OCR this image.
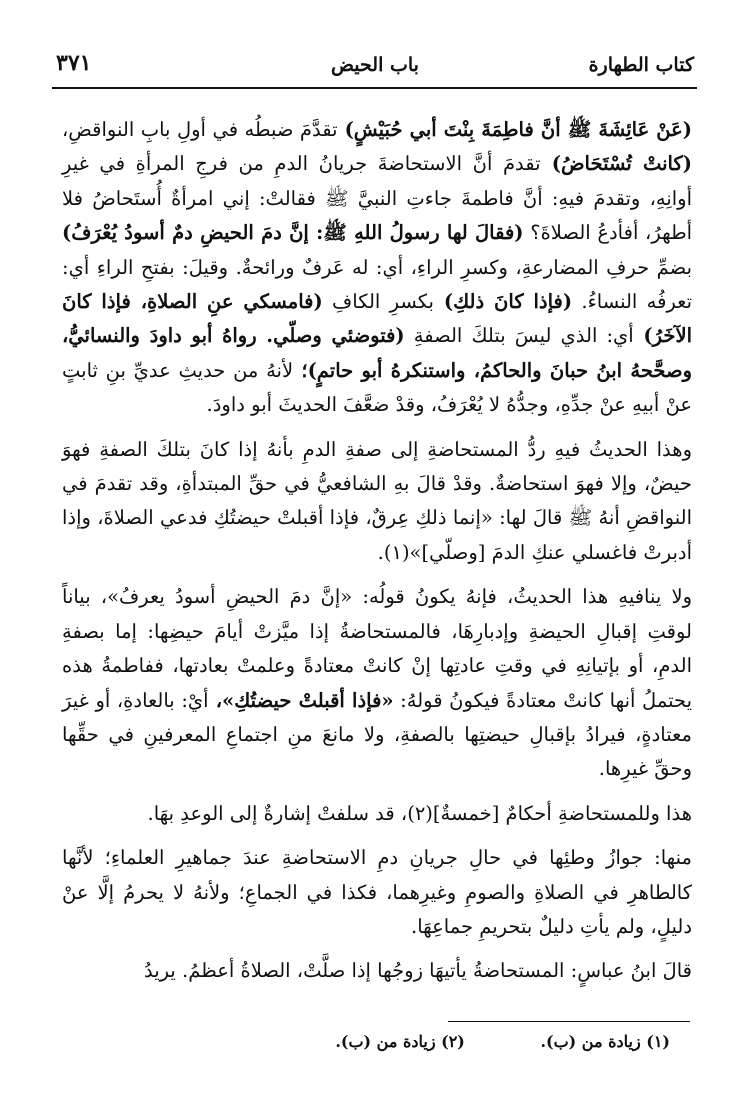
كتاب الطهارة
باب الحيض
٣٧١

(عَنْ عَائِشَةَ ﷺ أنَّ فاطِمَةَ بِنْتَ أبي حُبَيْشٍ) تقدَّمَ ضبطُه في أولِ بابِ النواقضِ، (كانتْ تُسْتَحَاضُ) تقدمَ أنَّ الاستحاضةَ جريانُ الدمِ من فرجِ المرأةِ في غيرِ أوانِهِ، وتقدمَ فيهِ: أنَّ فاطمةَ جاءتِ النبيَّ ﷺ فقالتْ: إني امرأةٌ أُستَحاضُ فلا أطهرُ، أفأدعُ الصلاةَ؟ (فقالَ لها رسولُ اللهِ ﷺ: إنَّ دمَ الحيضِ دمٌ أسودُ يُعْرَفُ) بضمِّ حرفِ المضارعةِ، وكسرِ الراءِ، أي: له عَرفٌ ورائحةٌ. وقيلَ: بفتحِ الراءِ أي: تعرفُه النساءُ. (فإذا كانَ ذلكِ) بكسرِ الكافِ (فامسكي عنِ الصلاةِ، فإذا كانَ الآخَرُ) أي: الذي ليسَ بتلكَ الصفةِ (فتوضئي وصلّي. رواهُ أبو داودَ والنسائيُّ، وصحَّحهُ ابنُ حبانَ والحاكمُ، واستنكرهُ أبو حاتمٍ)؛ لأنهُ من حديثِ عديِّ بنِ ثابتٍ عنْ أبيهِ عنْ جدِّهِ، وجدُّهُ لا يُعْرَفُ، وقدْ ضعَّفَ الحديثَ أبو داودَ.

وهذا الحديثُ فيهِ ردُّ المستحاضةِ إلى صفةِ الدمِ بأنهُ إذا كانَ بتلكَ الصفةِ فهوَ حيضٌ، وإلا فهوَ استحاضةٌ. وقدْ قالَ بهِ الشافعيُّ في حقِّ المبتدأةِ، وقد تقدمَ في النواقضِ أنهُ ﷺ قالَ لها: «إنما ذلكِ عِرقٌ، فإذا أقبلتْ حيضتُكِ فدعي الصلاةَ، وإذا أدبرتْ فاغسلي عنكِ الدمَ [وصلّي]»(١).

ولا ينافيهِ هذا الحديثُ، فإنهُ يكونُ قولُه: «إنَّ دمَ الحيضِ أسودُ يعرفُ»، بياناً لوقتِ إقبالِ الحيضةِ وإدبارِهَا، فالمستحاضةُ إذا ميَّزتْ أيامَ حيضِها: إما بصفةِ الدمِ، أو بإتيانِهِ في وقتِ عادتِها إنْ كانتْ معتادةً وعلمتْ بعادتها، ففاطمةُ هذه يحتملُ أنها كانتْ معتادةً فيكونُ قولهُ: «فإذا أقبلتْ حيضتُكِ»، أيْ: بالعادةِ، أو غيرَ معتادةٍ، فيرادُ بإقبالِ حيضتِها بالصفةِ، ولا مانعَ منِ اجتماعِ المعرفينِ في حقِّها وحقِّ غيرِها.

هذا وللمستحاضةِ أحكامٌ [خمسةٌ](٢)، قد سلفتْ إشارةٌ إلى الوعدِ بهَا.

منها: جوازُ وطئِها في حالِ جريانِ دمِ الاستحاضةِ عندَ جماهيرِ العلماءِ؛ لأنَّها كالطاهرِ في الصلاةِ والصومِ وغيرِهما، فكذا في الجماعِ؛ ولأنهُ لا يحرمُ إلَّا عنْ دليلٍ، ولم يأتِ دليلٌ بتحريمِ جماعِهَا.

قالَ ابنُ عباسٍ: المستحاضةُ يأتيهَا زوجُها إذا صلَّتْ، الصلاةُ أعظمُ. يريدُ

(١) زيادة من (ب). (٢) زيادة من (ب).
